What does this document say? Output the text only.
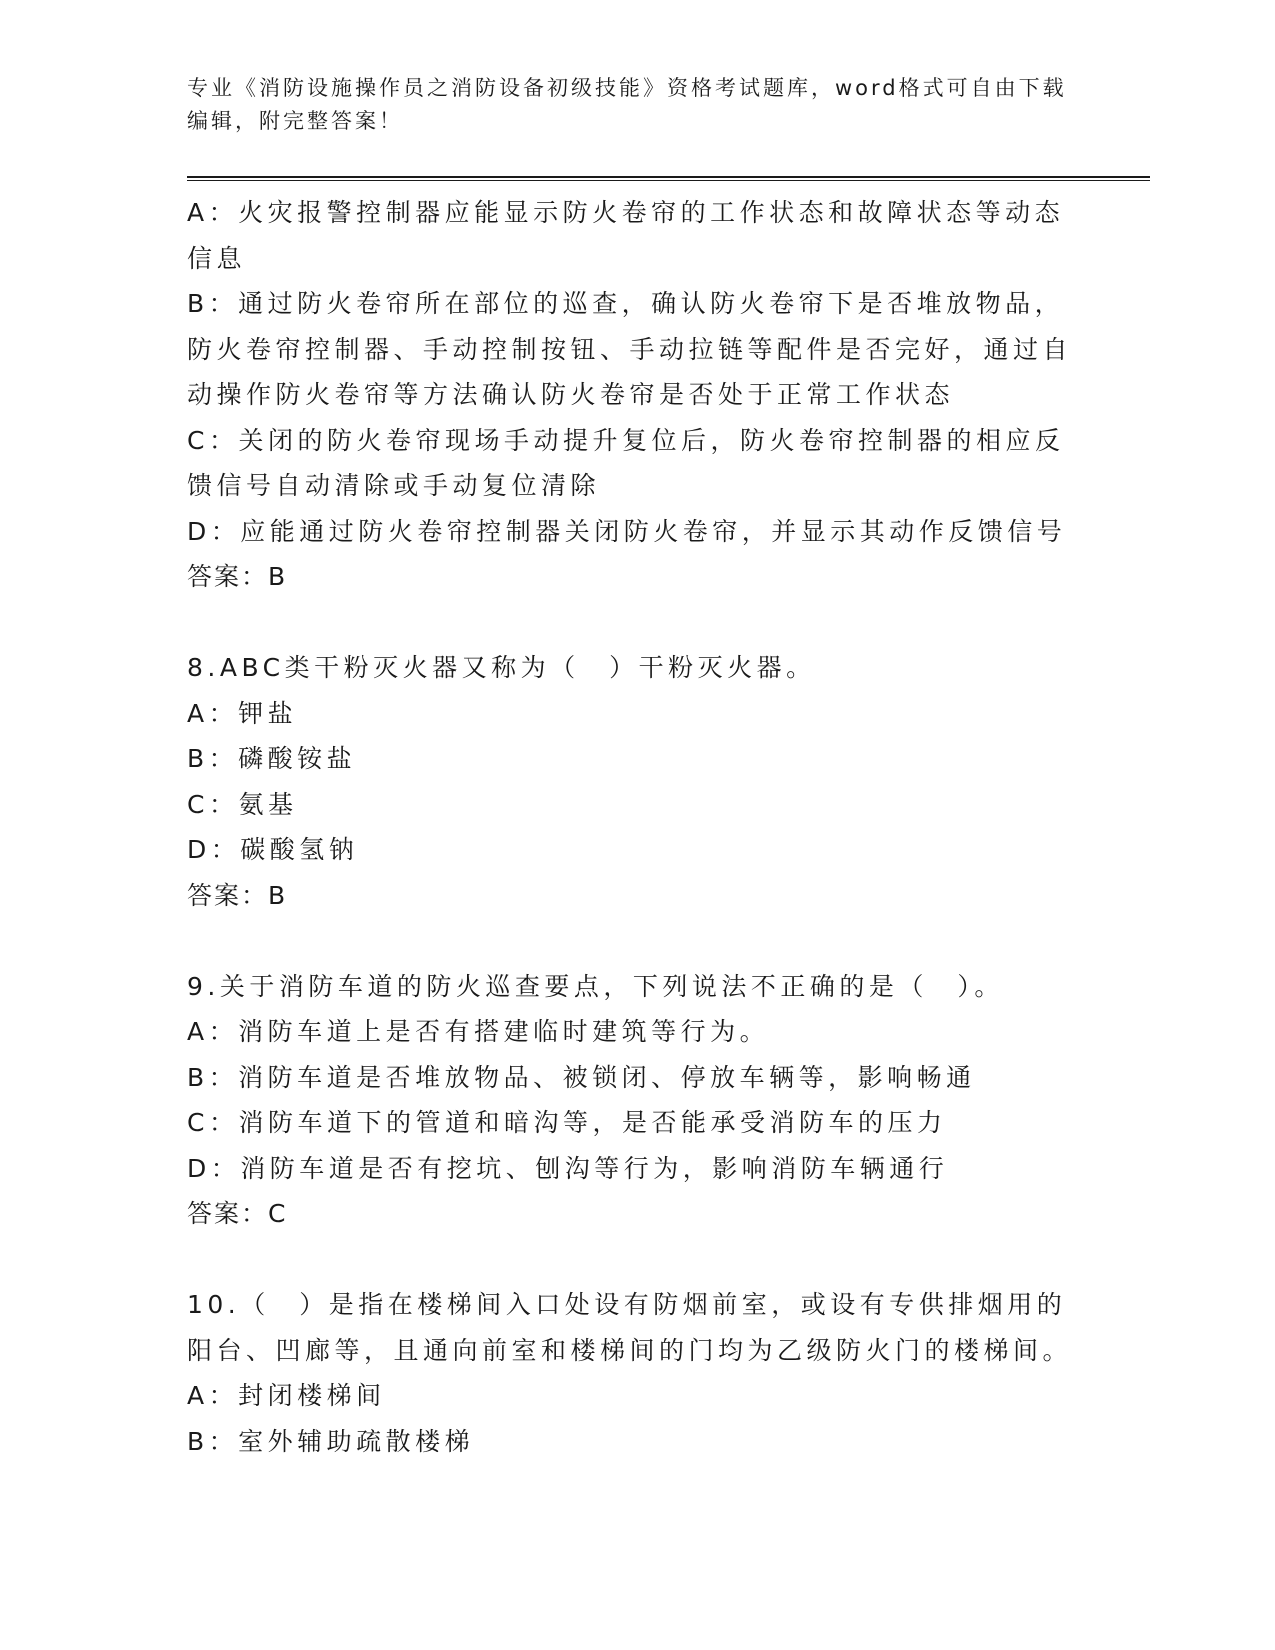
专业《消防设施操作员之消防设备初级技能》资格考试题库，word格式可自由下载编辑，附完整答案！

A：火灾报警控制器应能显示防火卷帘的工作状态和故障状态等动态信息

B：通过防火卷帘所在部位的巡查，确认防火卷帘下是否堆放物品，防火卷帘控制器、手动控制按钮、手动拉链等配件是否完好，通过自动操作防火卷帘等方法确认防火卷帘是否处于正常工作状态

C：关闭的防火卷帘现场手动提升复位后，防火卷帘控制器的相应反馈信号自动清除或手动复位清除

D：应能通过防火卷帘控制器关闭防火卷帘，并显示其动作反馈信号

答案：B

8.ABC类干粉灭火器又称为（　）干粉灭火器。

A：钾盐

B：磷酸铵盐

C：氨基

D：碳酸氢钠

答案：B

9.关于消防车道的防火巡查要点，下列说法不正确的是（　）。

A：消防车道上是否有搭建临时建筑等行为。

B：消防车道是否堆放物品、被锁闭、停放车辆等，影响畅通

C：消防车道下的管道和暗沟等，是否能承受消防车的压力

D：消防车道是否有挖坑、刨沟等行为，影响消防车辆通行

答案：C

10.（　）是指在楼梯间入口处设有防烟前室，或设有专供排烟用的阳台、凹廊等，且通向前室和楼梯间的门均为乙级防火门的楼梯间。

A：封闭楼梯间

B：室外辅助疏散楼梯
